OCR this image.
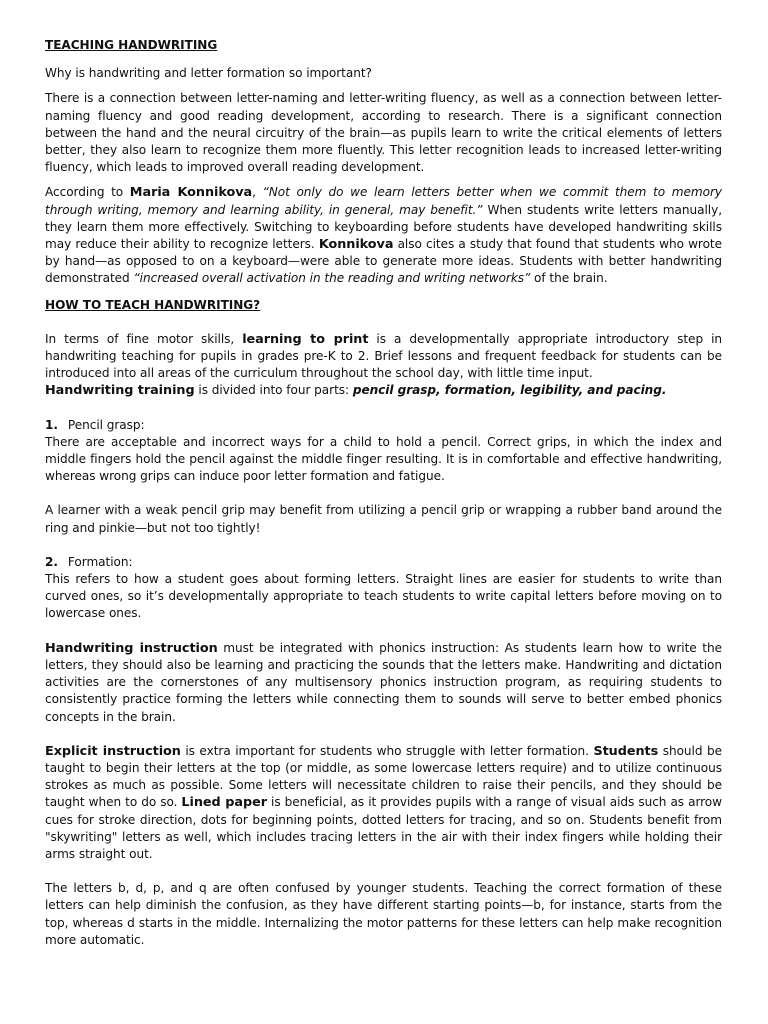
TEACHING HANDWRITING

Why is handwriting and letter formation so important?

There is a connection between letter-naming and letter-writing fluency, as well as a connection between letter-naming fluency and good reading development, according to research. There is a significant connection between the hand and the neural circuitry of the brain—as pupils learn to write the critical elements of letters better, they also learn to recognize them more fluently. This letter recognition leads to increased letter-writing fluency, which leads to improved overall reading development.

According to Maria Konnikova, “Not only do we learn letters better when we commit them to memory through writing, memory and learning ability, in general, may benefit.” When students write letters manually, they learn them more effectively. Switching to keyboarding before students have developed handwriting skills may reduce their ability to recognize letters. Konnikova also cites a study that found that students who wrote by hand—as opposed to on a keyboard—were able to generate more ideas. Students with better handwriting demonstrated “increased overall activation in the reading and writing networks” of the brain.

HOW TO TEACH HANDWRITING?

In terms of fine motor skills, learning to print is a developmentally appropriate introductory step in handwriting teaching for pupils in grades pre-K to 2. Brief lessons and frequent feedback for students can be introduced into all areas of the curriculum throughout the school day, with little time input.

Handwriting training is divided into four parts: pencil grasp, formation, legibility, and pacing.

1. Pencil grasp:

There are acceptable and incorrect ways for a child to hold a pencil. Correct grips, in which the index and middle fingers hold the pencil against the middle finger resulting. It is in comfortable and effective handwriting, whereas wrong grips can induce poor letter formation and fatigue.

A learner with a weak pencil grip may benefit from utilizing a pencil grip or wrapping a rubber band around the ring and pinkie—but not too tightly!

2. Formation:

This refers to how a student goes about forming letters. Straight lines are easier for students to write than curved ones, so it’s developmentally appropriate to teach students to write capital letters before moving on to lowercase ones.

Handwriting instruction must be integrated with phonics instruction: As students learn how to write the letters, they should also be learning and practicing the sounds that the letters make. Handwriting and dictation activities are the cornerstones of any multisensory phonics instruction program, as requiring students to consistently practice forming the letters while connecting them to sounds will serve to better embed phonics concepts in the brain.

Explicit instruction is extra important for students who struggle with letter formation. Students should be taught to begin their letters at the top (or middle, as some lowercase letters require) and to utilize continuous strokes as much as possible. Some letters will necessitate children to raise their pencils, and they should be taught when to do so. Lined paper is beneficial, as it provides pupils with a range of visual aids such as arrow cues for stroke direction, dots for beginning points, dotted letters for tracing, and so on. Students benefit from "skywriting" letters as well, which includes tracing letters in the air with their index fingers while holding their arms straight out.

The letters b, d, p, and q are often confused by younger students. Teaching the correct formation of these letters can help diminish the confusion, as they have different starting points—b, for instance, starts from the top, whereas d starts in the middle. Internalizing the motor patterns for these letters can help make recognition more automatic.
